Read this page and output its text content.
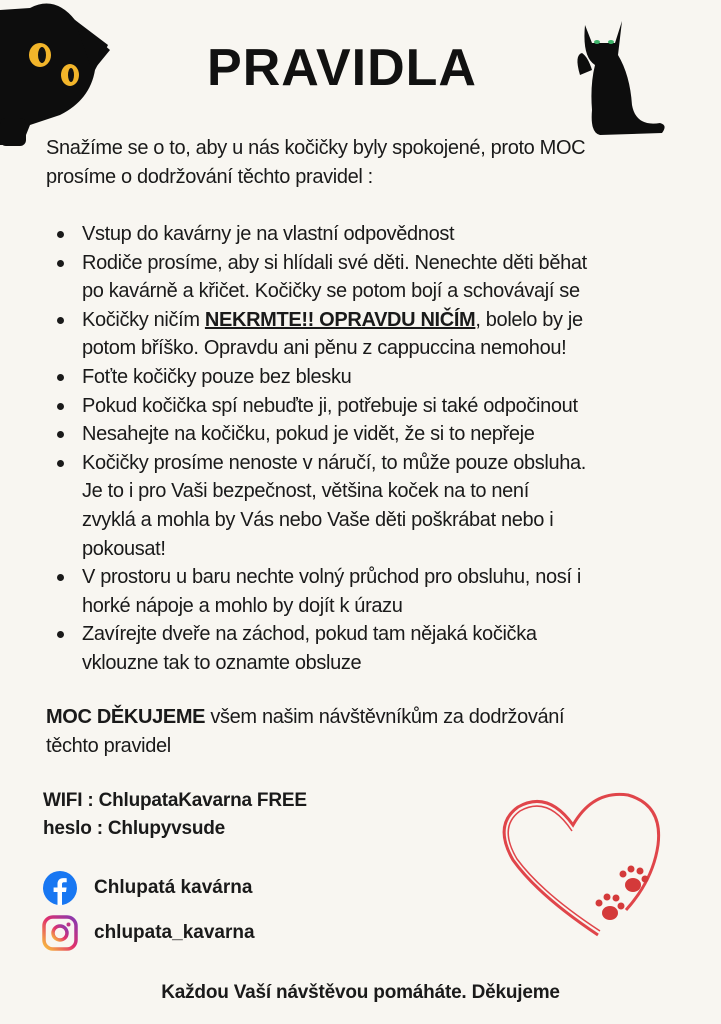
PRAVIDLA
Snažíme se o to, aby u nás kočičky byly spokojené, proto MOC
prosíme o dodržování těchto pravidel :
Vstup do kavárny je na vlastní odpovědnost
Rodiče prosíme, aby si hlídali své děti. Nenechte děti běhat
po kavárně a křičet. Kočičky se potom bojí a schovávají se
Kočičky ničím NEKRMTE!! OPRAVDU NIČÍM, bolelo by je
potom bříško. Opravdu ani pěnu z cappuccina nemohou!
Foťte kočičky pouze bez blesku
Pokud kočička spí nebuďte ji, potřebuje si také odpočinout
Nesahejte na kočičku, pokud je vidět, že si to nepřeje
Kočičky prosíme nenoste v náručí, to může pouze obsluha.
Je to i pro Vaši bezpečnost, většina koček na to není
zvyklá a mohla by Vás nebo Vaše děti poškrábat nebo i
pokousat!
V prostoru u baru nechte volný průchod pro obsluhu, nosí i
horké nápoje a mohlo by dojít k úrazu
Zavírejte dveře na záchod, pokud tam nějaká kočička
vklouzne tak to oznamte obsluze
MOC DĚKUJEME všem našim návštěvníkům za dodržování
těchto pravidel
WIFI : ChlupataKavarna FREE
heslo : Chlupyvsude
Chlupatá kavárna
chlupata_kavarna
Každou Vaší návštěvou pomáháte. Děkujeme
